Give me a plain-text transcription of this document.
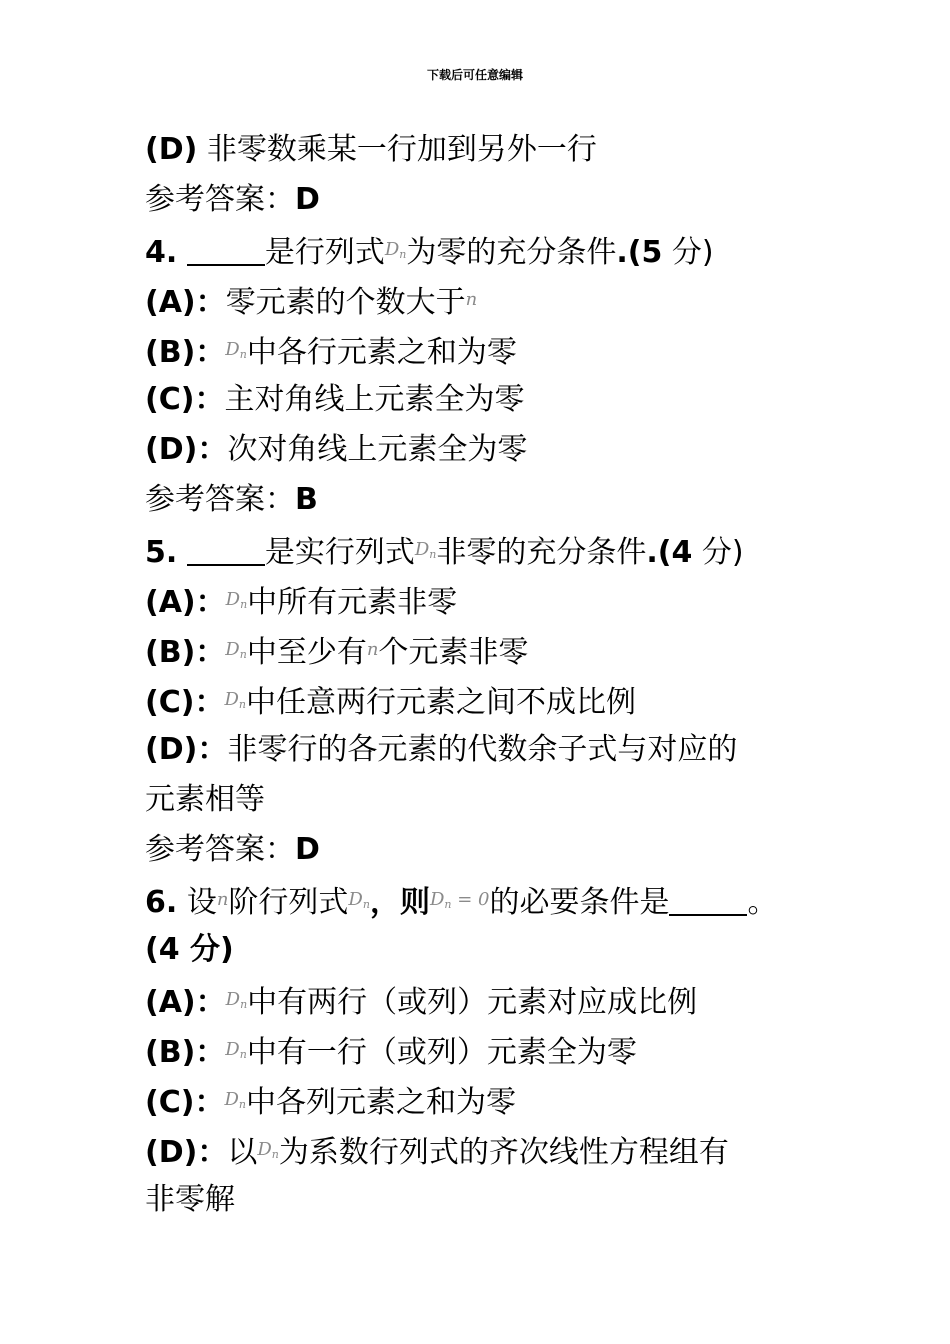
下载后可任意编辑
(D) 非零数乘某一行加到另外一行
参考答案：D
4.	是行列式$^{D_n}$为零的充分条件.(5 分)
(A)：零元素的个数大于$^n$
(B)：$^{D_n}$中各行元素之和为零
(C)：主对角线上元素全为零
(D)：次对角线上元素全为零
参考答案：B
5.	是实行列式$^{D_n}$非零的充分条件.(4 分)
(A)：$^{D_n}$中所有元素非零
(B)：$^{D_n}$中至少有$^n$个元素非零
(C)：$^{D_n}$中任意两行元素之间不成比例
(D)：非零行的各元素的代数余子式与对应的
元素相等
参考答案：D
6. 设$^n$阶行列式$^{D_n}$，则$^{D_n = 0}$的必要条件是	。
(4 分)
(A)：$^{D_n}$中有两行（或列）元素对应成比例
(B)：$^{D_n}$中有一行（或列）元素全为零
(C)：$^{D_n}$中各列元素之和为零
(D)：以$^{D_n}$为系数行列式的齐次线性方程组有
非零解
